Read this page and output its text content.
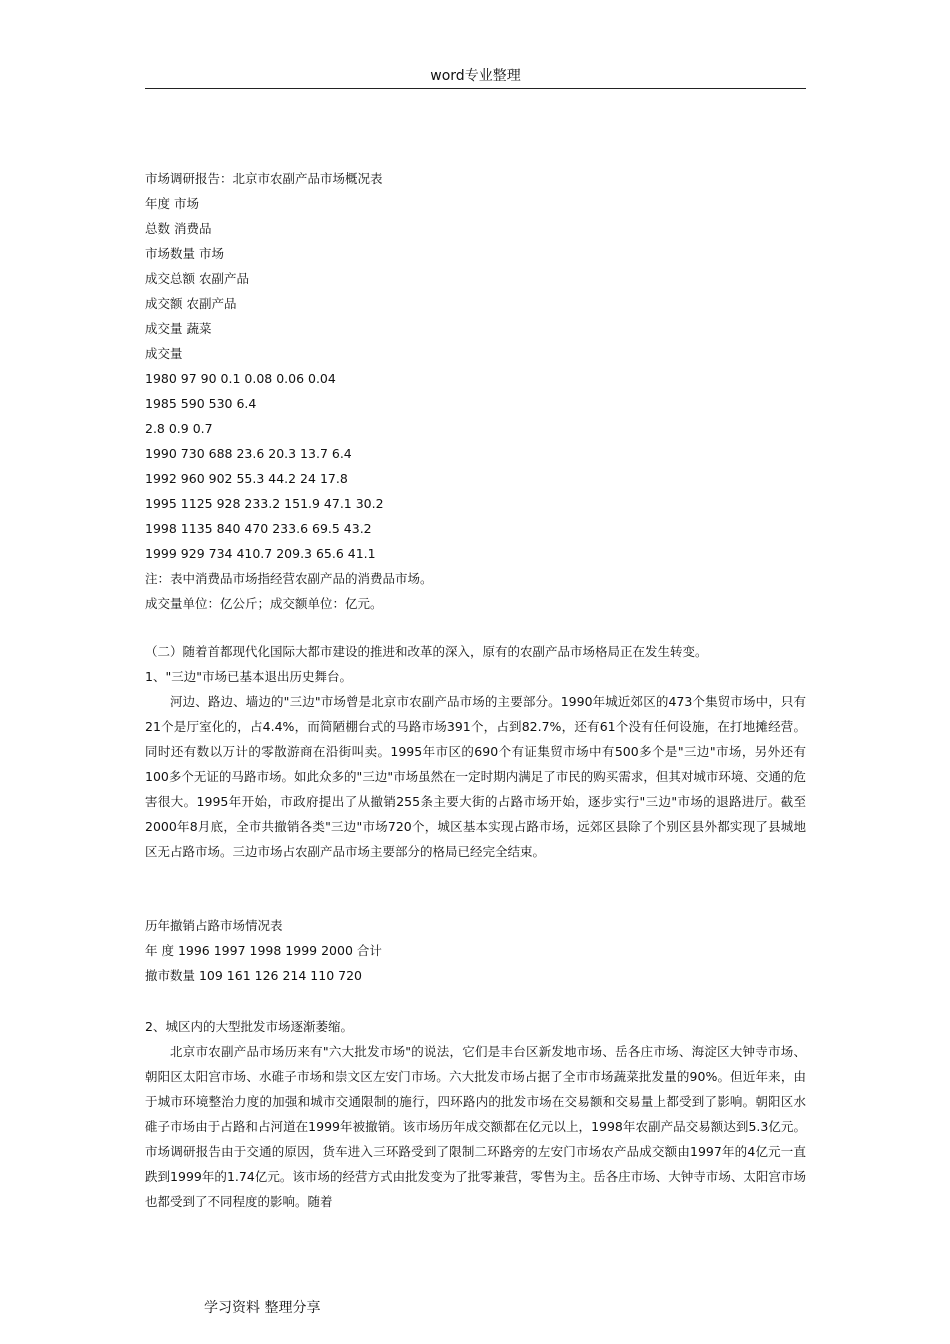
word专业整理
市场调研报告：北京市农副产品市场概况表
年度 市场
总数 消费品
市场数量 市场
成交总额 农副产品
成交额 农副产品
成交量 蔬菜
成交量
1980 97 90 0.1 0.08 0.06 0.04
1985 590 530 6.4
2.8 0.9 0.7
1990 730 688 23.6 20.3 13.7 6.4
1992 960 902 55.3 44.2 24 17.8
1995 1125 928 233.2 151.9 47.1 30.2
1998 1135 840 470 233.6 69.5 43.2
1999 929 734 410.7 209.3 65.6 41.1
注：表中消费品市场指经营农副产品的消费品市场。
成交量单位：亿公斤；成交额单位：亿元。
（二）随着首都现代化国际大都市建设的推进和改革的深入，原有的农副产品市场格局正在发生转变。
1、"三边"市场已基本退出历史舞台。

河边、路边、墙边的"三边"市场曾是北京市农副产品市场的主要部分。1990年城近郊区的473个集贸市场中，只有21个是厅室化的，占4.4%，而简陋棚台式的马路市场391个，占到82.7%，还有61个没有任何设施，在打地摊经营。同时还有数以万计的零散游商在沿街叫卖。1995年市区的690个有证集贸市场中有500多个是"三边"市场，另外还有100多个无证的马路市场。如此众多的"三边"市场虽然在一定时期内满足了市民的购买需求，但其对城市环境、交通的危害很大。1995年开始，市政府提出了从撤销255条主要大街的占路市场开始，逐步实行"三边"市场的退路进厅。截至2000年8月底，全市共撤销各类"三边"市场720个，城区基本实现占路市场，远郊区县除了个别区县外都实现了县城地区无占路市场。三边市场占农副产品市场主要部分的格局已经完全结束。

历年撤销占路市场情况表
年 度 1996 1997 1998 1999 2000 合计
撤市数量 109 161 126 214 110 720
2、城区内的大型批发市场逐渐萎缩。

北京市农副产品市场历来有"六大批发市场"的说法，它们是丰台区新发地市场、岳各庄市场、海淀区大钟寺市场、朝阳区太阳宫市场、水碓子市场和崇文区左安门市场。六大批发市场占据了全市市场蔬菜批发量的90%。但近年来，由于城市环境整治力度的加强和城市交通限制的施行，四环路内的批发市场在交易额和交易量上都受到了影响。朝阳区水碓子市场由于占路和占河道在1999年被撤销。该市场历年成交额都在亿元以上，1998年农副产品交易额达到5.3亿元。市场调研报告由于交通的原因，货车进入三环路受到了限制二环路旁的左安门市场农产品成交额由1997年的4亿元一直跌到1999年的1.74亿元。该市场的经营方式由批发变为了批零兼营，零售为主。岳各庄市场、大钟寺市场、太阳宫市场也都受到了不同程度的影响。随着

学习资料 整理分享
